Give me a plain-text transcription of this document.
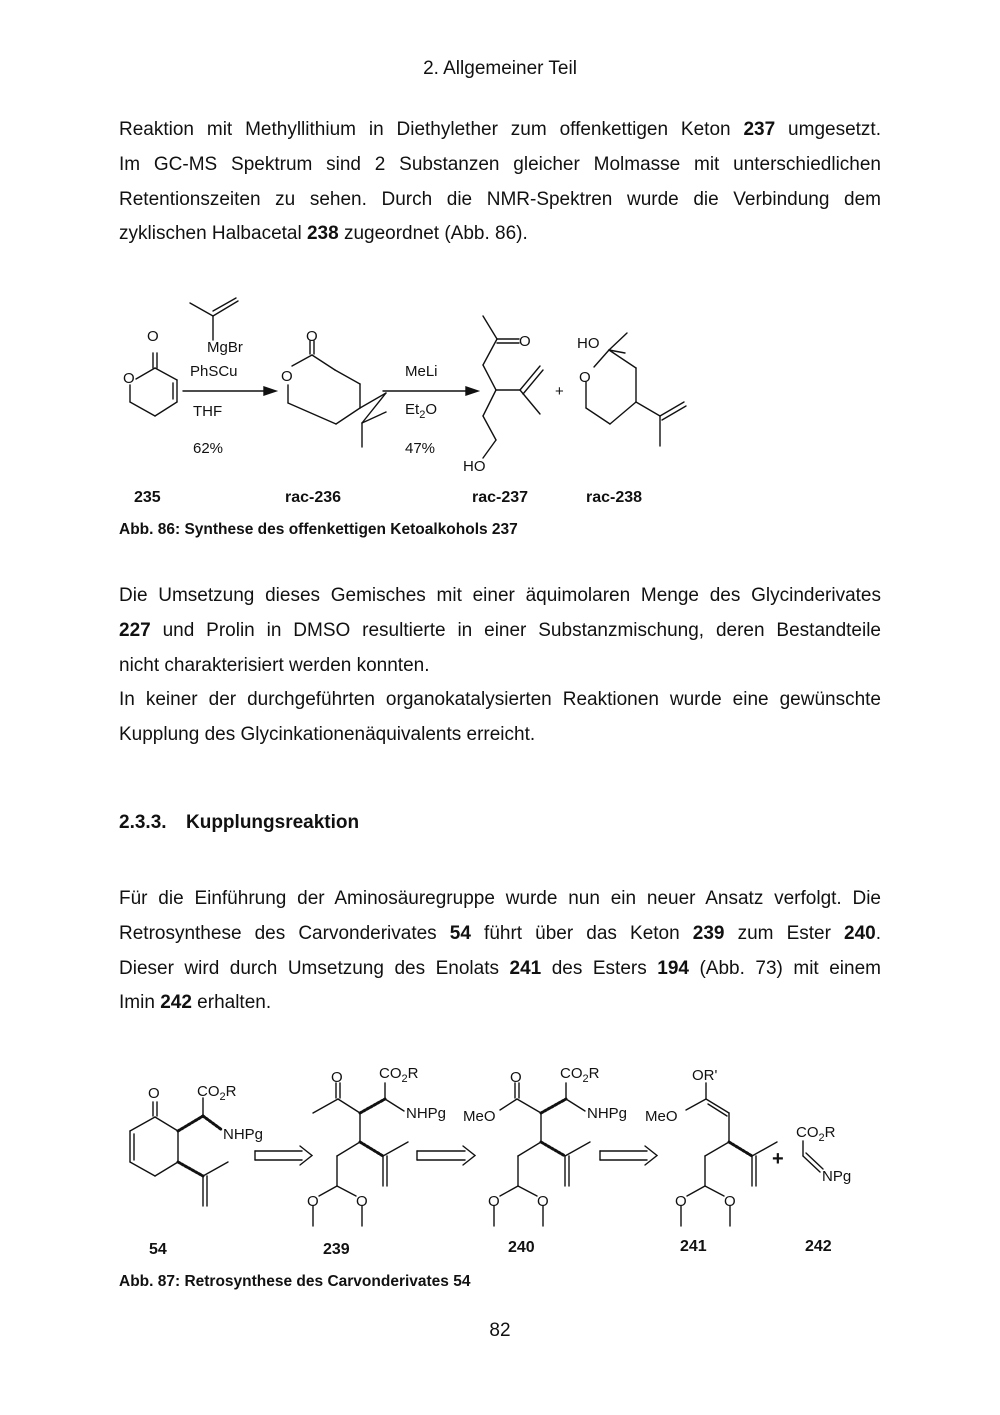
2. Allgemeiner Teil
Reaktion mit Methyllithium in Diethylether zum offenkettigen Keton 237 umgesetzt.
Im GC-MS Spektrum sind 2 Substanzen gleicher Molmasse mit unterschiedlichen
Retentionszeiten zu sehen. Durch die NMR-Spektren wurde die Verbindung dem
zyklischen Halbacetal 238 zugeordnet (Abb. 86).
O
O
MgBr
PhSCu
THF
62%
O
O	MeLi
$Et_2O$
47%
O
HO
+
HO
O
235	rac-236	rac-237	rac-238
Abb. 86: Synthese des offenkettigen Ketoalkohols 237
Die Umsetzung dieses Gemisches mit einer äquimolaren Menge des Glycinderivates
227 und Prolin in DMSO resultierte in einer Substanzmischung, deren Bestandteile
nicht charakterisiert werden konnten.
In keiner der durchgeführten organokatalysierten Reaktionen wurde eine gewünschte
Kupplung des Glycinkationenäquivalents erreicht.
2.3.3. Kupplungsreaktion
Für die Einführung der Aminosäuregruppe wurde nun ein neuer Ansatz verfolgt. Die
Retrosynthese des Carvonderivates 54 führt über das Keton 239 zum Ester 240.
Dieser wird durch Umsetzung des Enolats 241 des Esters 194 (Abb. 73) mit einem
Imin 242 erhalten.
O $CO_2R$
NHPg
O $CO_2R$
NHPg
O O
O	$CO_2R$
NHPg
MeO
O O
OR'
MeO
O O
+
$CO_2R$
NPg
54	239	240	241	242
Abb. 87: Retrosynthese des Carvonderivates 54
82
